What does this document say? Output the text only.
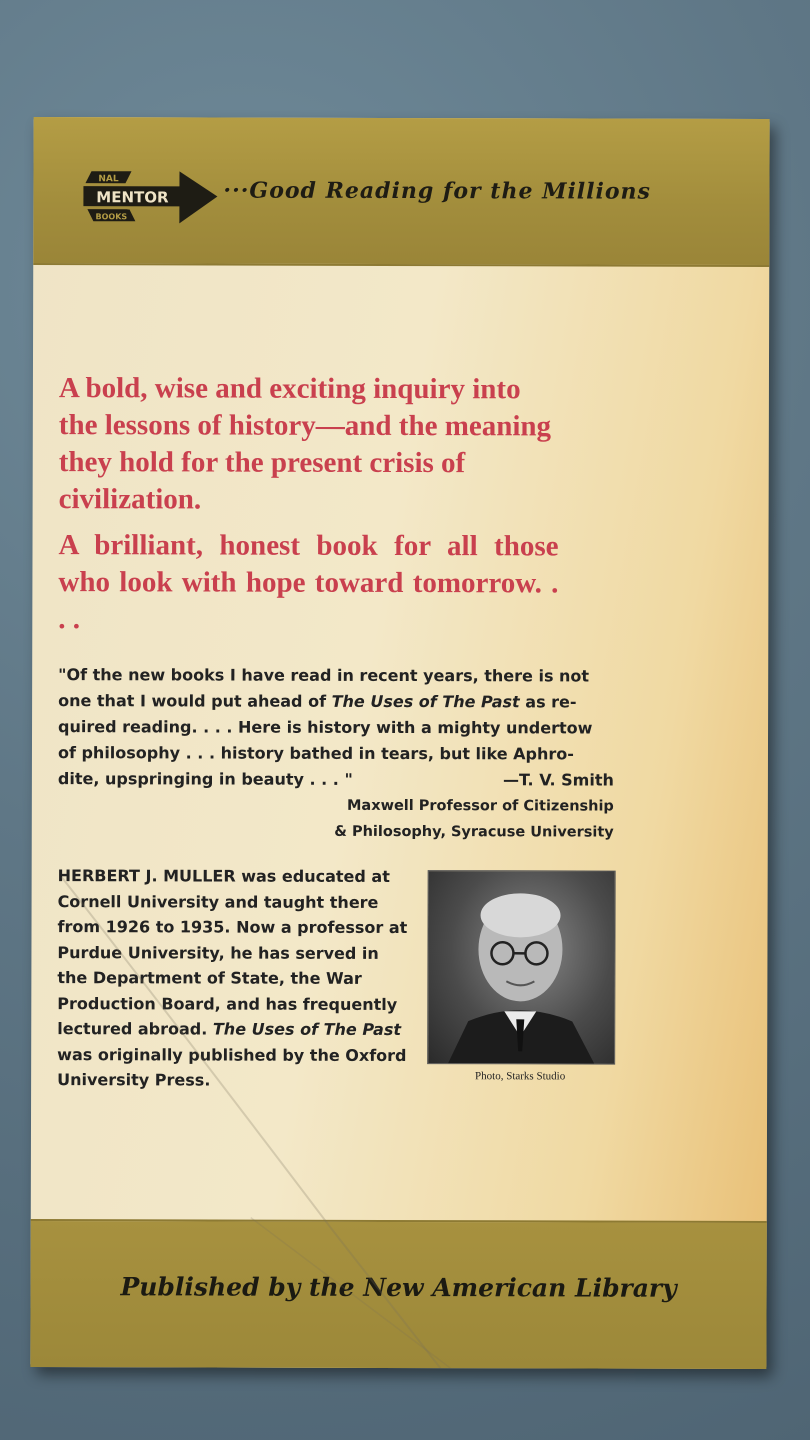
NAL
MENTOR
BOOKS
···Good Reading for the Millions
A bold, wise and exciting inquiry into the lessons of history—and the meaning they hold for the present crisis of civilization.
A brilliant, honest book for all those who look with hope toward tomorrow. . . .
"Of the new books I have read in recent years, there is not
one that I would put ahead of The Uses of The Past as re-
quired reading. . . . Here is history with a mighty undertow
of philosophy . . . history bathed in tears, but like Aphro-
dite, upspringing in beauty . . . "	—T. V. Smith
Maxwell Professor of Citizenship
& Philosophy, Syracuse University
HERBERT J. MULLER was educated at Cornell University and taught there from 1926 to 1935. Now a professor at Purdue University, he has served in the Department of State, the War Production Board, and has frequently lectured abroad. The Uses of The Past was originally published by the Oxford University Press.	Photo, Starks Studio
Published by the New American Library
